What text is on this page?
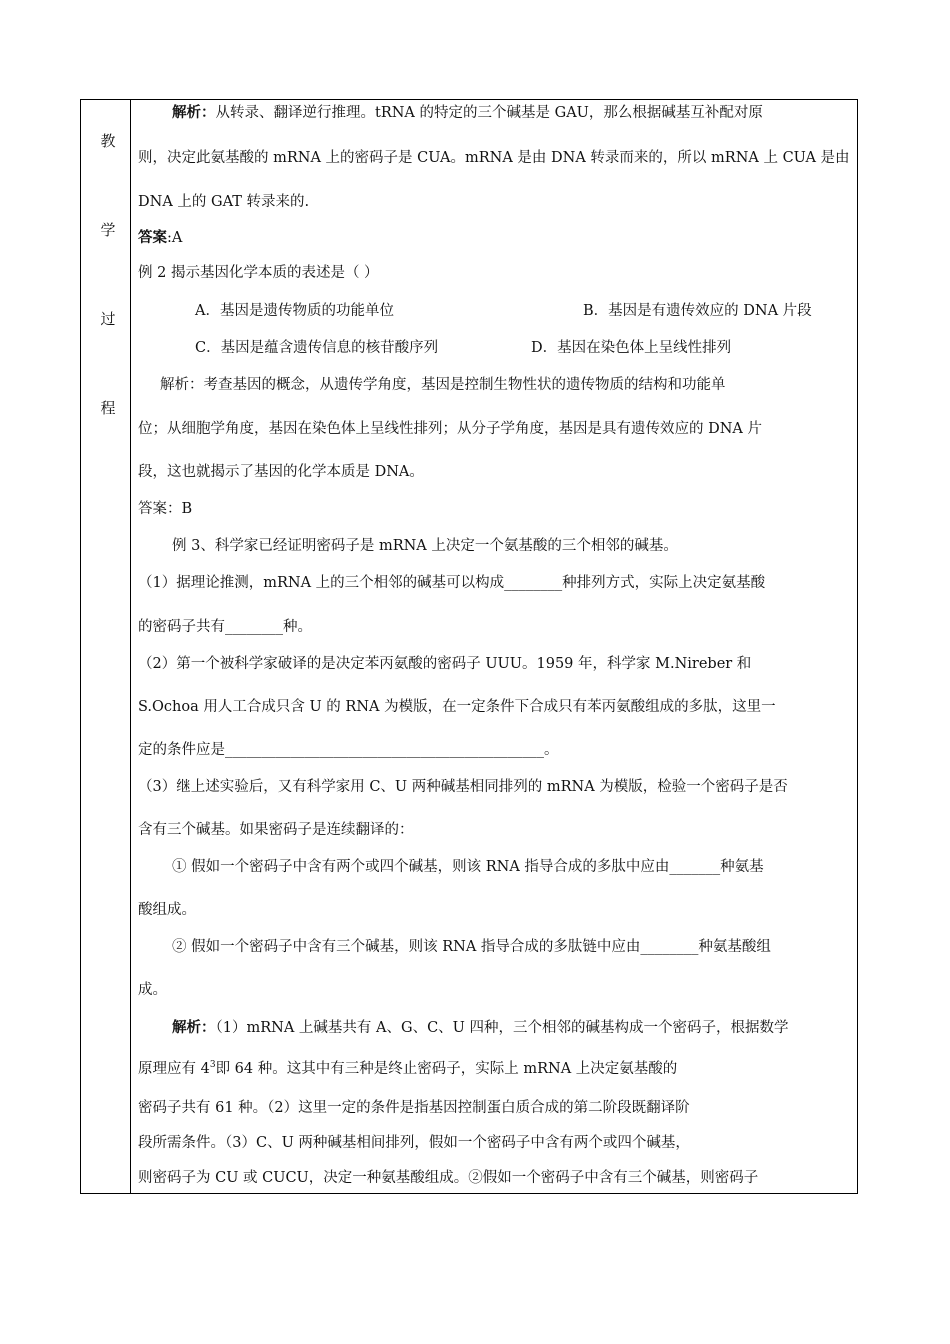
教
学
过
程
解析：从转录、翻译逆行推理。tRNA 的特定的三个碱基是 GAU，那么根据碱基互补配对原
则，决定此氨基酸的 mRNA 上的密码子是 CUA。mRNA 是由 DNA 转录而来的，所以 mRNA 上 CUA 是由
DNA 上的 GAT 转录来的.
答案:A
例 2 揭示基因化学本质的表述是（ ）
A．基因是遗传物质的功能单位	B．基因是有遗传效应的 DNA 片段
C．基因是蕴含遗传信息的核苷酸序列	D．基因在染色体上呈线性排列
解析：考查基因的概念，从遗传学角度，基因是控制生物性状的遗传物质的结构和功能单
位；从细胞学角度，基因在染色体上呈线性排列；从分子学角度，基因是具有遗传效应的 DNA 片
段，这也就揭示了基因的化学本质是 DNA。
答案：B
例 3、科学家已经证明密码子是 mRNA 上决定一个氨基酸的三个相邻的碱基。
（1）据理论推测，mRNA 上的三个相邻的碱基可以构成________种排列方式，实际上决定氨基酸
的密码子共有________种。
（2）第一个被科学家破译的是决定苯丙氨酸的密码子 UUU。1959 年，科学家 M.Nireber 和
S.Ochoa 用人工合成只含 U 的 RNA 为模版，在一定条件下合成只有苯丙氨酸组成的多肽，这里一
定的条件应是____________________________________________。
（3）继上述实验后，又有科学家用 C、U 两种碱基相同排列的 mRNA 为模版，检验一个密码子是否
含有三个碱基。如果密码子是连续翻译的：
① 假如一个密码子中含有两个或四个碱基，则该 RNA 指导合成的多肽中应由_______种氨基
酸组成。
② 假如一个密码子中含有三个碱基，则该 RNA 指导合成的多肽链中应由________种氨基酸组
成。
解析：（1）mRNA 上碱基共有 A、G、C、U 四种，三个相邻的碱基构成一个密码子，根据数学
原理应有 $4^3$即 64 种。这其中有三种是终止密码子，实际上 mRNA 上决定氨基酸的
密码子共有 61 种。（2）这里一定的条件是指基因控制蛋白质合成的第二阶段既翻译阶
段所需条件。（3）C、U 两种碱基相间排列，假如一个密码子中含有两个或四个碱基，
则密码子为 CU 或 CUCU，决定一种氨基酸组成。②假如一个密码子中含有三个碱基，则密码子
